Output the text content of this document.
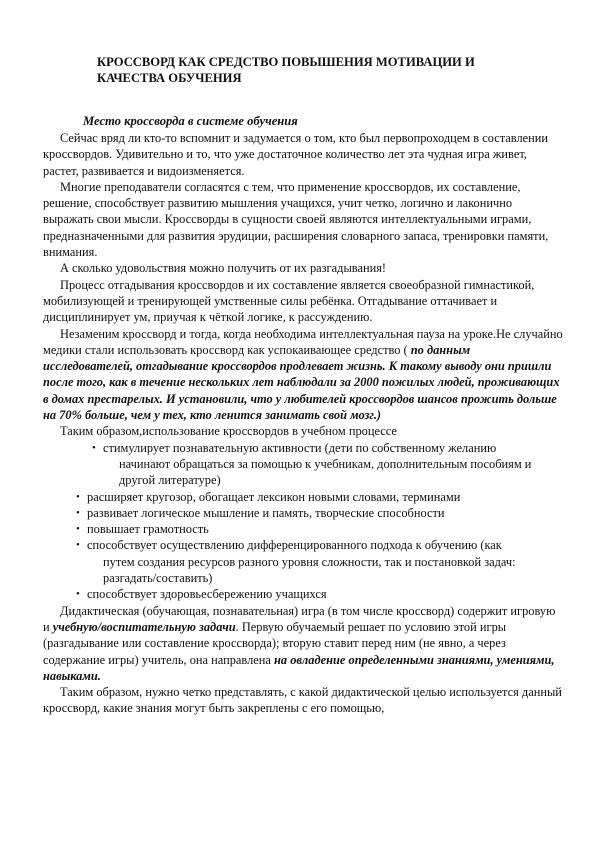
КРОССВОРД КАК СРЕДСТВО ПОВЫШЕНИЯ МОТИВАЦИИ И
КАЧЕСТВА ОБУЧЕНИЯ
Место кроссворда в системе обучения

Сейчас вряд ли кто-то вспомнит и задумается о том, кто был первопроходцем в составлении кроссвордов. Удивительно и то, что уже достаточное количество лет эта чудная игра живет, растет, развивается и видоизменяется.

Многие преподаватели согласятся с тем, что применение кроссвордов, их составление, решение, способствует развитию мышления учащихся, учит четко, логично и лаконично выражать свои мысли. Кроссворды в сущности своей являются интеллектуальными играми, предназначенными для развития эрудиции, расширения словарного запаса, тренировки памяти, внимания.

А сколько удовольствия можно получить от их разгадывания!

Процесс отгадывания кроссвордов и их составление является своеобразной гимнастикой, мобилизующей и тренирующей умственные силы ребёнка. Отгадывание оттачивает и дисциплинирует ум, приучая к чёткой логике, к рассуждению.

Незаменим кроссворд и тогда, когда необходима интеллектуальная пауза на уроке.Не случайно медики стали использовать кроссворд как успокаивающее средство ( по данным исследователей, отгадывание кроссвордов продлевает жизнь. К такому выводу они пришли после того, как в течение нескольких лет наблюдали за 2000 пожилых людей, проживающих в домах престарелых. И установили, что у любителей кроссвордов шансов прожить дольше на 70% больше, чем у тех, кто ленится занимать свой мозг.)

Таким образом,использование кроссвордов в учебном процессе

• стимулирует познавательную активности (дети по собственному желанию
начинают обращаться за помощью к учебникам, дополнительным пособиям и другой литературе)
• расширяет кругозор, обогащает лексикон новыми словами, терминами
• развивает логическое мышление и память, творческие способности
• повышает грамотность
• способствует осуществлению дифференцированного подхода к обучению (как
путем создания ресурсов разного уровня сложности, так и постановкой задач: разгадать/составить)
• способствует здоровьесбережению учащихся

Дидактическая (обучающая, познавательная) игра (в том числе кроссворд) содержит игровую и учебную/воспитательную задачи. Первую обучаемый решает по условию этой игры (разгадывание или составление кроссворда); вторую ставит перед ним (не явно, а через содержание игры) учитель, она направлена на овладение определенными знаниями, умениями, навыками.

Таким образом, нужно четко представлять, с какой дидактической целью используется данный кроссворд, какие знания могут быть закреплены с его помощью,
